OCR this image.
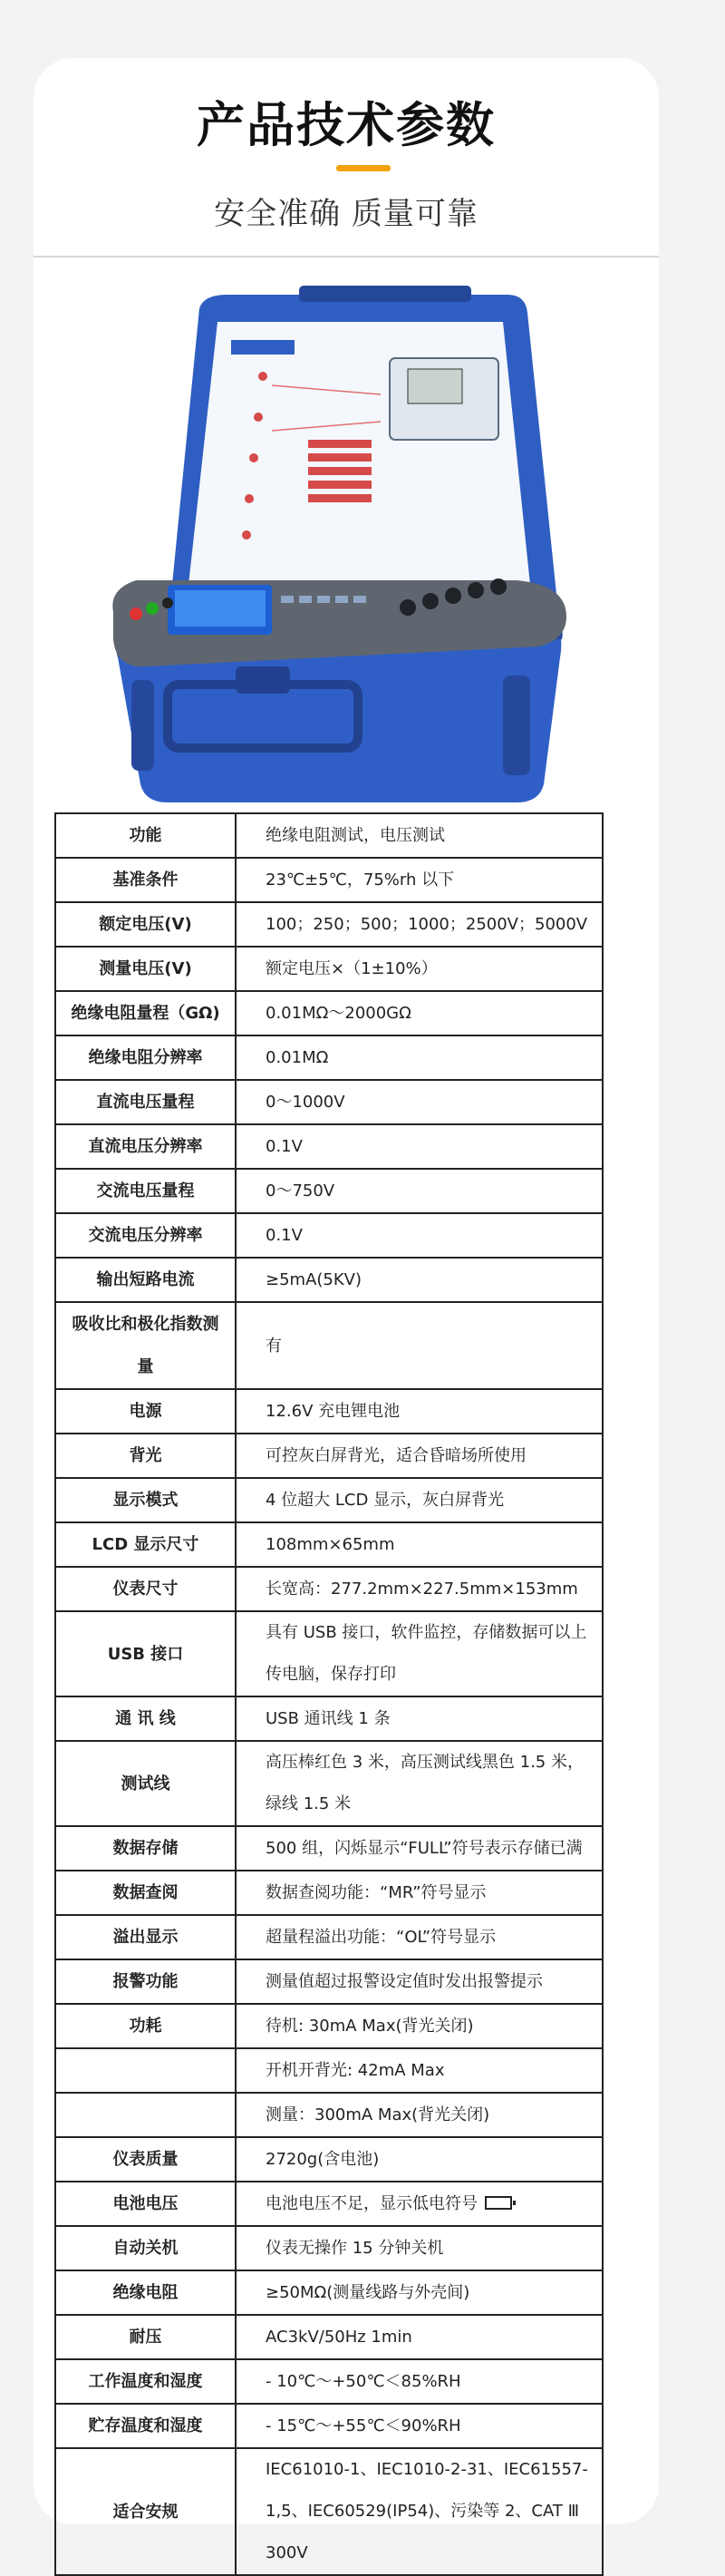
产品技术参数
安全准确 质量可靠
功能	绝缘电阻测试，电压测试
基准条件	23℃±5℃，75%rh 以下
额定电压(V)	100；250；500；1000；2500V；5000V
测量电压(V)	额定电压×（1±10%）
绝缘电阻量程（GΩ)	0.01MΩ～2000GΩ
绝缘电阻分辨率	0.01MΩ
直流电压量程	0～1000V
直流电压分辨率	0.1V
交流电压量程	0～750V
交流电压分辨率	0.1V
输出短路电流	≥5mA(5KV)
吸收比和极化指数测量	有
电源	12.6V 充电锂电池
背光	可控灰白屏背光，适合昏暗场所使用
显示模式	4 位超大 LCD 显示，灰白屏背光
LCD 显示尺寸	108mm×65mm
仪表尺寸	长宽高：277.2mm×227.5mm×153mm
USB 接口	具有 USB 接口，软件监控，存储数据可以上传电脑，保存打印
通 讯 线	USB 通讯线 1 条
测试线	高压棒红色 3 米，高压测试线黑色 1.5 米，绿线 1.5 米
数据存储	500 组，闪烁显示“FULL”符号表示存储已满
数据查阅	数据查阅功能：“MR”符号显示
溢出显示	超量程溢出功能：“OL”符号显示
报警功能	测量值超过报警设定值时发出报警提示
功耗	待机: 30mA Max(背光关闭)
	开机开背光: 42mA Max
	测量：300mA Max(背光关闭)
仪表质量	2720g(含电池)
电池电压	电池电压不足，显示低电符号
自动关机	仪表无操作 15 分钟关机
绝缘电阻	≥50MΩ(测量线路与外壳间)
耐压	AC3kV/50Hz 1min
工作温度和湿度	- 10℃～+50℃＜85%RH
贮存温度和湿度	- 15℃～+55℃＜90%RH
适合安规	IEC61010-1、IEC1010-2-31、IEC61557-1,5、IEC60529(IP54)、污染等 2、CAT Ⅲ 300V
